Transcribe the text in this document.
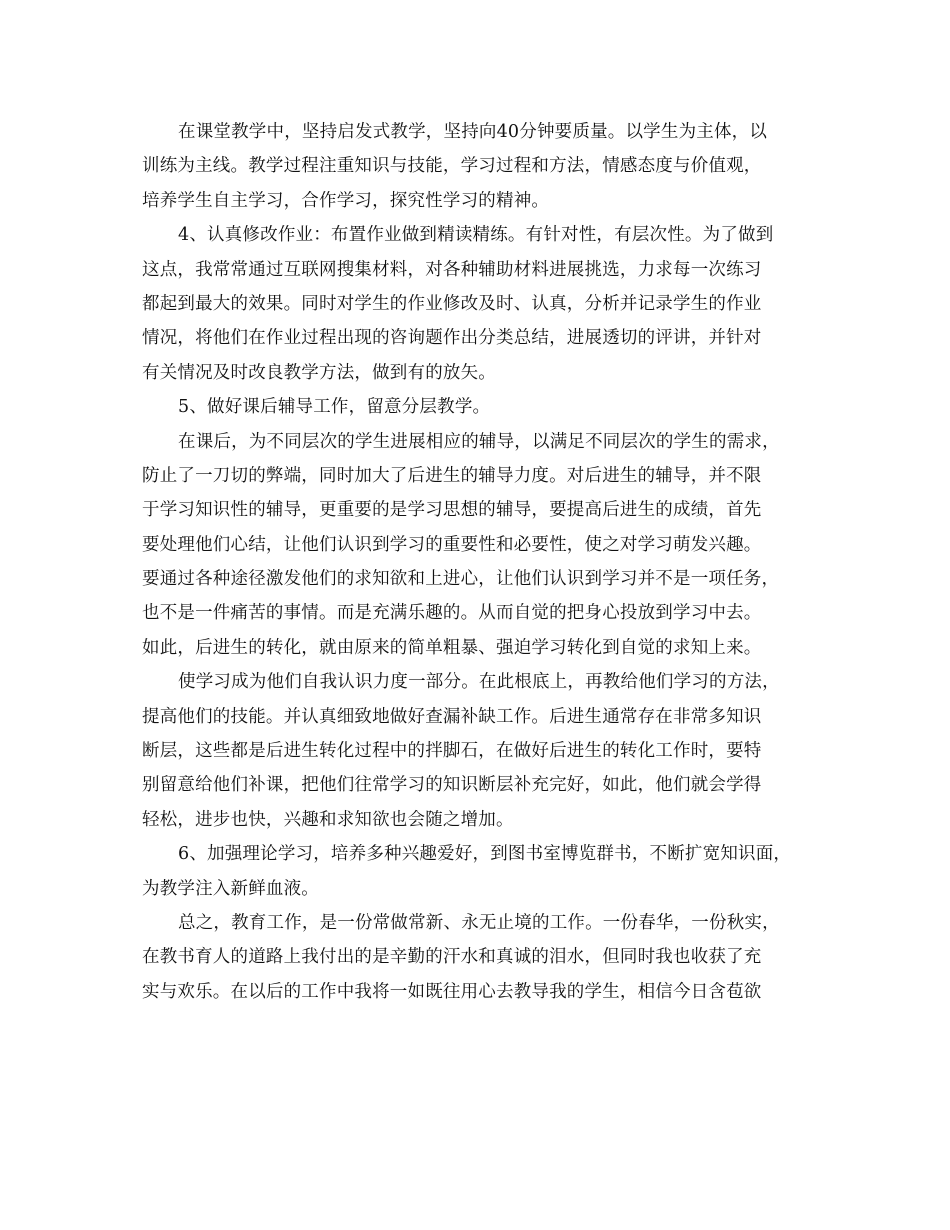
在课堂教学中，坚持启发式教学，坚持向40分钟要质量。以学生为主体，以
训练为主线。教学过程注重知识与技能，学习过程和方法，情感态度与价值观，
培养学生自主学习，合作学习，探究性学习的精神。
4、认真修改作业：布置作业做到精读精练。有针对性，有层次性。为了做到
这点，我常常通过互联网搜集材料，对各种辅助材料进展挑选，力求每一次练习
都起到最大的效果。同时对学生的作业修改及时、认真，分析并记录学生的作业
情况，将他们在作业过程出现的咨询题作出分类总结，进展透切的评讲，并针对
有关情况及时改良教学方法，做到有的放矢。
5、做好课后辅导工作，留意分层教学。
在课后，为不同层次的学生进展相应的辅导，以满足不同层次的学生的需求，
防止了一刀切的弊端，同时加大了后进生的辅导力度。对后进生的辅导，并不限
于学习知识性的辅导，更重要的是学习思想的辅导，要提高后进生的成绩，首先
要处理他们心结，让他们认识到学习的重要性和必要性，使之对学习萌发兴趣。
要通过各种途径激发他们的求知欲和上进心，让他们认识到学习并不是一项任务，
也不是一件痛苦的事情。而是充满乐趣的。从而自觉的把身心投放到学习中去。
如此，后进生的转化，就由原来的简单粗暴、强迫学习转化到自觉的求知上来。
使学习成为他们自我认识力度一部分。在此根底上，再教给他们学习的方法，
提高他们的技能。并认真细致地做好查漏补缺工作。后进生通常存在非常多知识
断层，这些都是后进生转化过程中的拌脚石，在做好后进生的转化工作时，要特
别留意给他们补课，把他们往常学习的知识断层补充完好，如此，他们就会学得
轻松，进步也快，兴趣和求知欲也会随之增加。
6、加强理论学习，培养多种兴趣爱好，到图书室博览群书，不断扩宽知识面，
为教学注入新鲜血液。
总之，教育工作，是一份常做常新、永无止境的工作。一份春华，一份秋实，
在教书育人的道路上我付出的是辛勤的汗水和真诚的泪水，但同时我也收获了充
实与欢乐。在以后的工作中我将一如既往用心去教导我的学生，相信今日含苞欲
